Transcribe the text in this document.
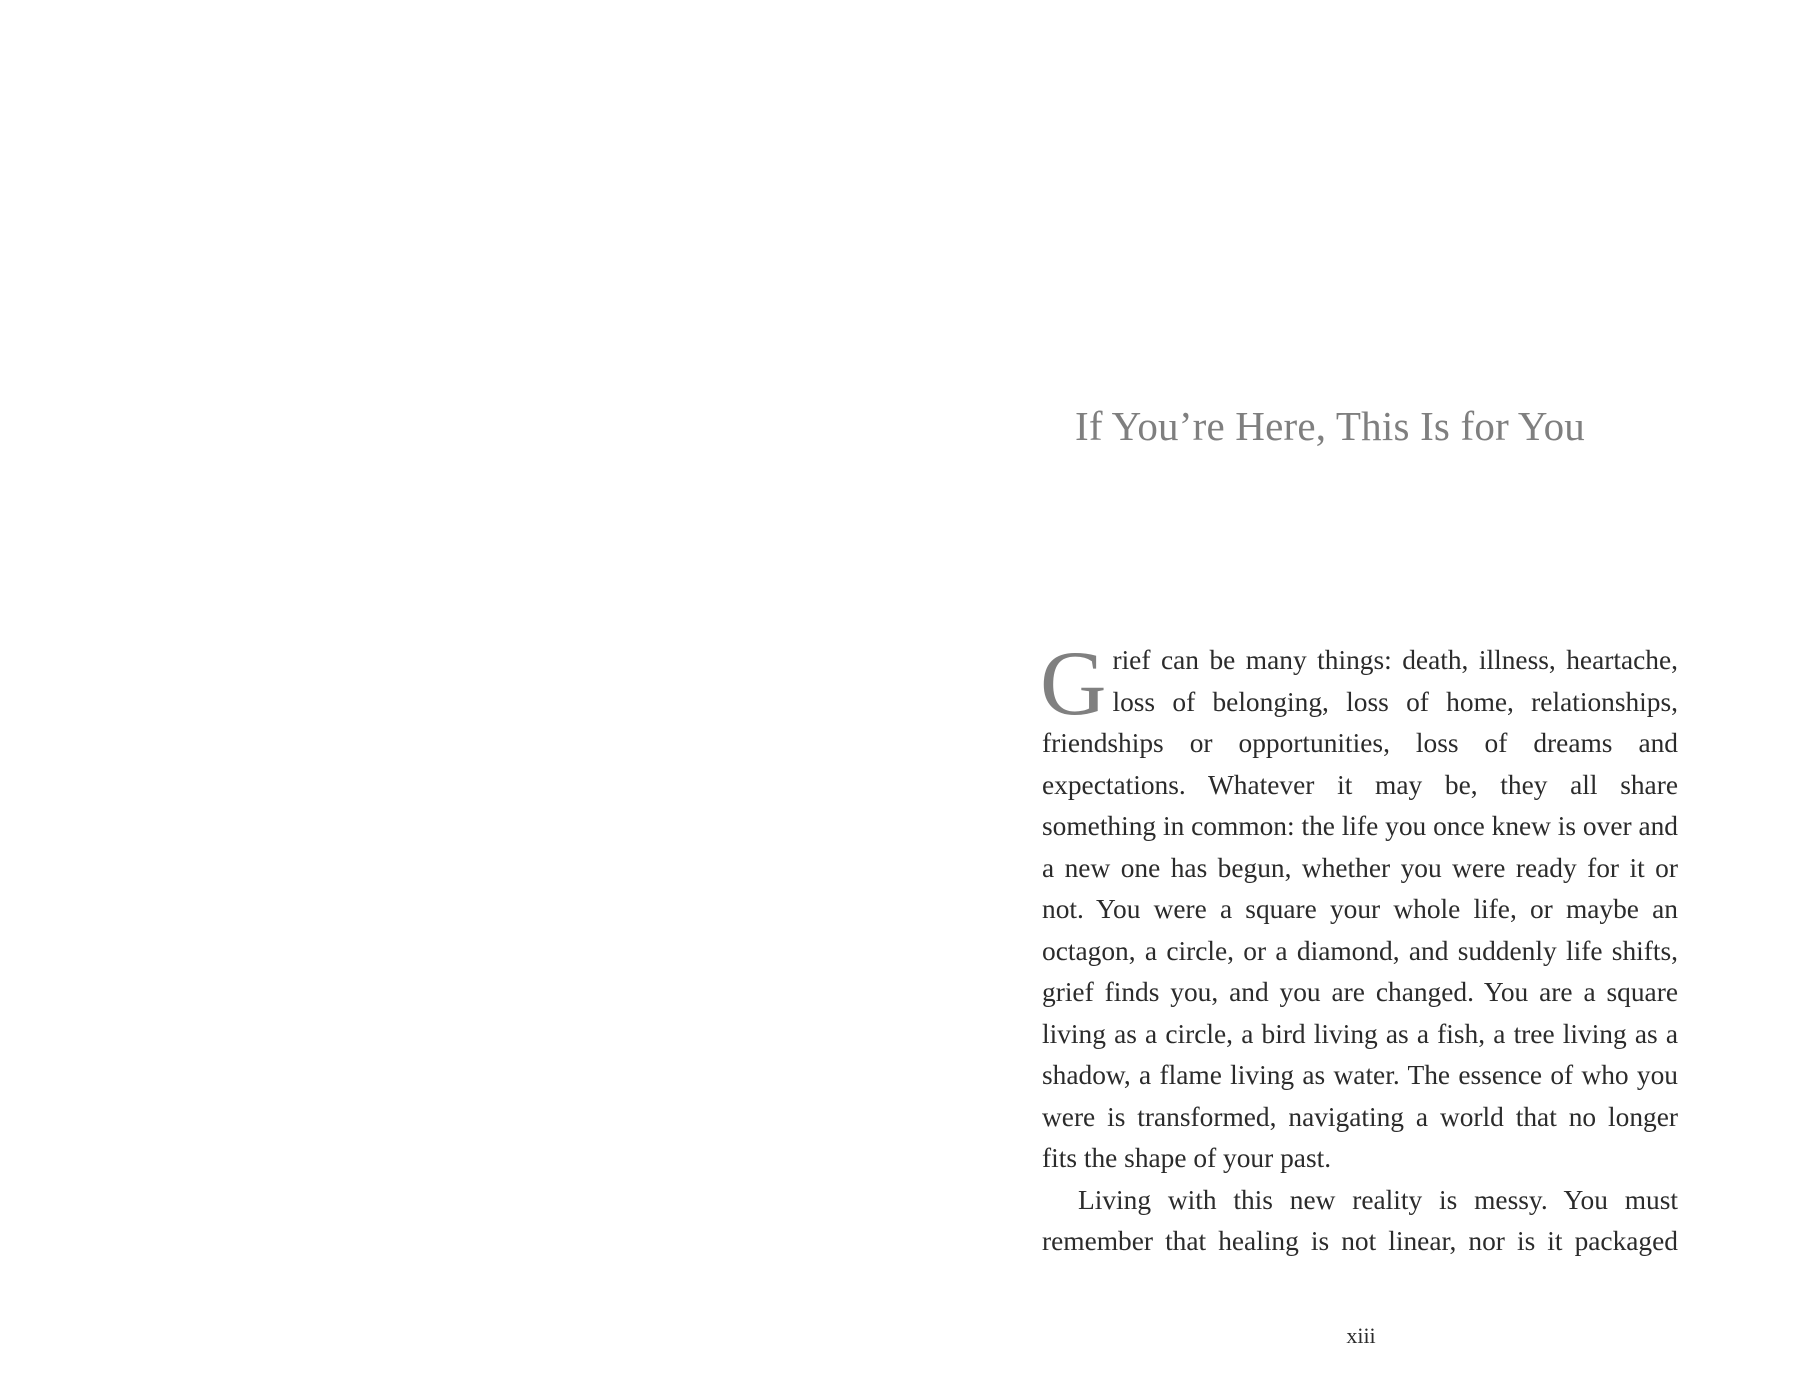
If You’re Here, This Is for You

Grief can be many things: death, illness, heartache, loss of belonging, loss of home, relationships, friendships or opportunities, loss of dreams and expectations. Whatever it may be, they all share something in common: the life you once knew is over and a new one has begun, whether you were ready for it or not. You were a square your whole life, or maybe an octagon, a circle, or a diamond, and suddenly life shifts, grief finds you, and you are changed. You are a square living as a circle, a bird living as a fish, a tree living as a shadow, a flame living as water. The essence of who you were is transformed, navigating a world that no longer fits the shape of your past.

Living with this new reality is messy. You must remember that healing is not linear, nor is it packaged

xiii
